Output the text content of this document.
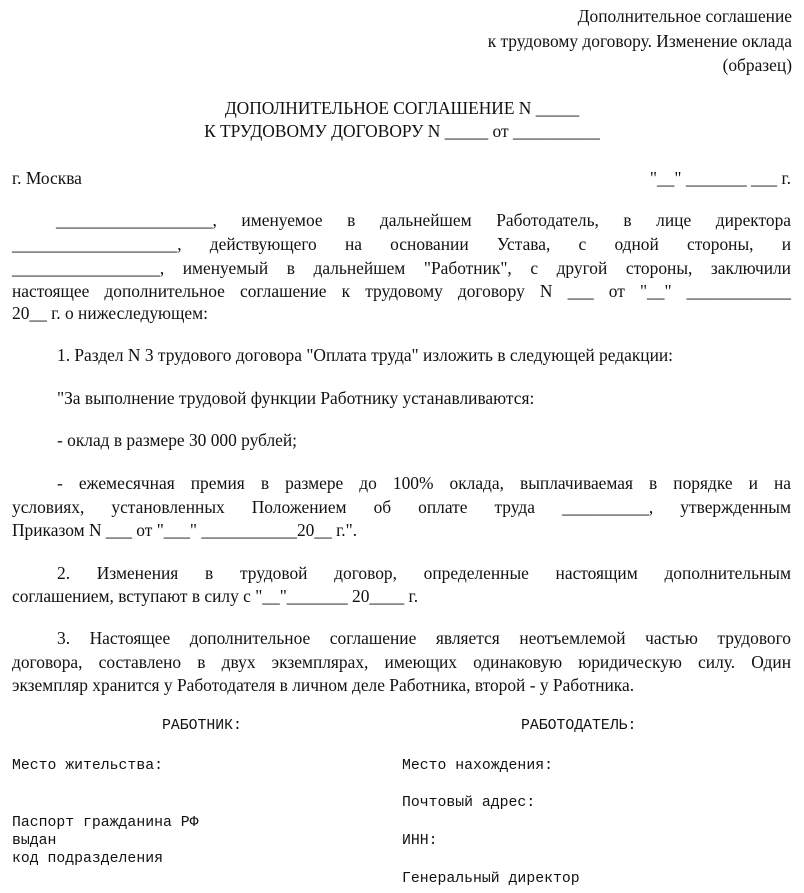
Дополнительное соглашение
к трудовому договору. Изменение оклада
(образец)
ДОПОЛНИТЕЛЬНОЕ СОГЛАШЕНИЕ N _____
К ТРУДОВОМУ ДОГОВОРУ N _____ от __________
г. Москва	"__" _______ ___ г.
__________________, именуемое в дальнейшем Работодатель, в лице директора
___________________, действующего на основании Устава, с одной стороны, и
_________________, именуемый в дальнейшем "Работник", с другой стороны, заключили
настоящее дополнительное соглашение к трудовому договору N ___ от "__" ____________
20__ г. о нижеследующем:
1. Раздел N 3 трудового договора "Оплата труда" изложить в следующей редакции:
"За выполнение трудовой функции Работнику устанавливаются:
- оклад в размере 30 000 рублей;
- ежемесячная премия в размере до 100% оклада, выплачиваемая в порядке и на
условиях, установленных Положением об оплате труда __________, утвержденным
Приказом N ___ от "___" ___________20__ г.".
2. Изменения в трудовой договор, определенные настоящим дополнительным
соглашением, вступают в силу с "__"_______ 20____ г.
3. Настоящее дополнительное соглашение является неотъемлемой частью трудового
договора, составлено в двух экземплярах, имеющих одинаковую юридическую силу. Один
экземпляр хранится у Работодателя в личном деле Работника, второй - у Работника.
РАБОТНИК:
Место жительства:
Паспорт гражданина РФ
выдан
код подразделения
РАБОТОДАТЕЛЬ:
Место нахождения:
Почтовый адрес:
ИНН:
Генеральный директор
